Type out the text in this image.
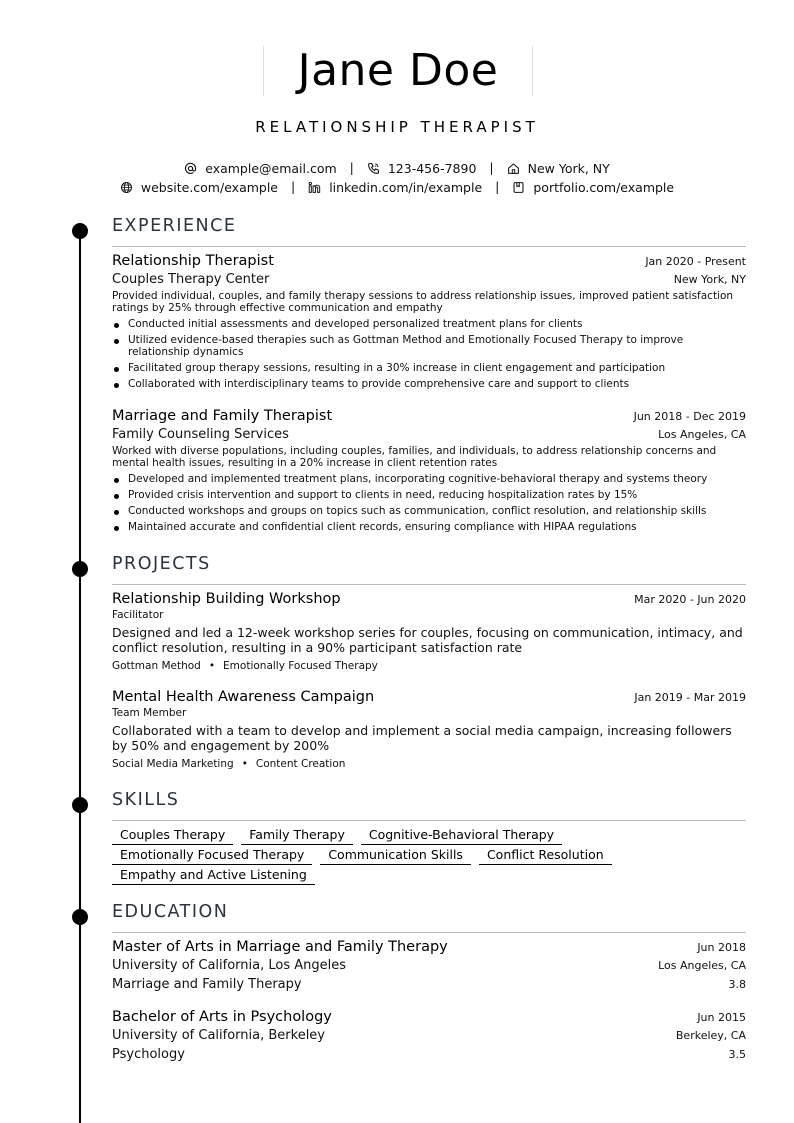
Jane Doe
RELATIONSHIP THERAPIST
example@email.com |	123-456-7890 |	New York, NY
website.com/example |	linkedin.com/in/example |	portfolio.com/example
EXPERIENCE
Relationship Therapist	Jan 2020 - Present
Couples Therapy Center	New York, NY
Provided individual, couples, and family therapy sessions to address relationship issues, improved patient satisfaction ratings by 25% through effective communication and empathy
Conducted initial assessments and developed personalized treatment plans for clients
Utilized evidence-based therapies such as Gottman Method and Emotionally Focused Therapy to improve relationship dynamics
Facilitated group therapy sessions, resulting in a 30% increase in client engagement and participation
Collaborated with interdisciplinary teams to provide comprehensive care and support to clients
Marriage and Family Therapist	Jun 2018 - Dec 2019
Family Counseling Services	Los Angeles, CA
Worked with diverse populations, including couples, families, and individuals, to address relationship concerns and mental health issues, resulting in a 20% increase in client retention rates
Developed and implemented treatment plans, incorporating cognitive-behavioral therapy and systems theory
Provided crisis intervention and support to clients in need, reducing hospitalization rates by 15%
Conducted workshops and groups on topics such as communication, conflict resolution, and relationship skills
Maintained accurate and confidential client records, ensuring compliance with HIPAA regulations
PROJECTS
Relationship Building Workshop	Mar 2020 - Jun 2020
Facilitator
Designed and led a 12-week workshop series for couples, focusing on communication, intimacy, and conflict resolution, resulting in a 90% participant satisfaction rate
Gottman Method • Emotionally Focused Therapy
Mental Health Awareness Campaign	Jan 2019 - Mar 2019
Team Member
Collaborated with a team to develop and implement a social media campaign, increasing followers by 50% and engagement by 200%
Social Media Marketing • Content Creation
SKILLS
Couples Therapy	Family Therapy	Cognitive-Behavioral Therapy
Emotionally Focused Therapy	Communication Skills	Conflict Resolution
Empathy and Active Listening
EDUCATION
Master of Arts in Marriage and Family Therapy	Jun 2018
University of California, Los Angeles	Los Angeles, CA
Marriage and Family Therapy	3.8
Bachelor of Arts in Psychology	Jun 2015
University of California, Berkeley	Berkeley, CA
Psychology	3.5
